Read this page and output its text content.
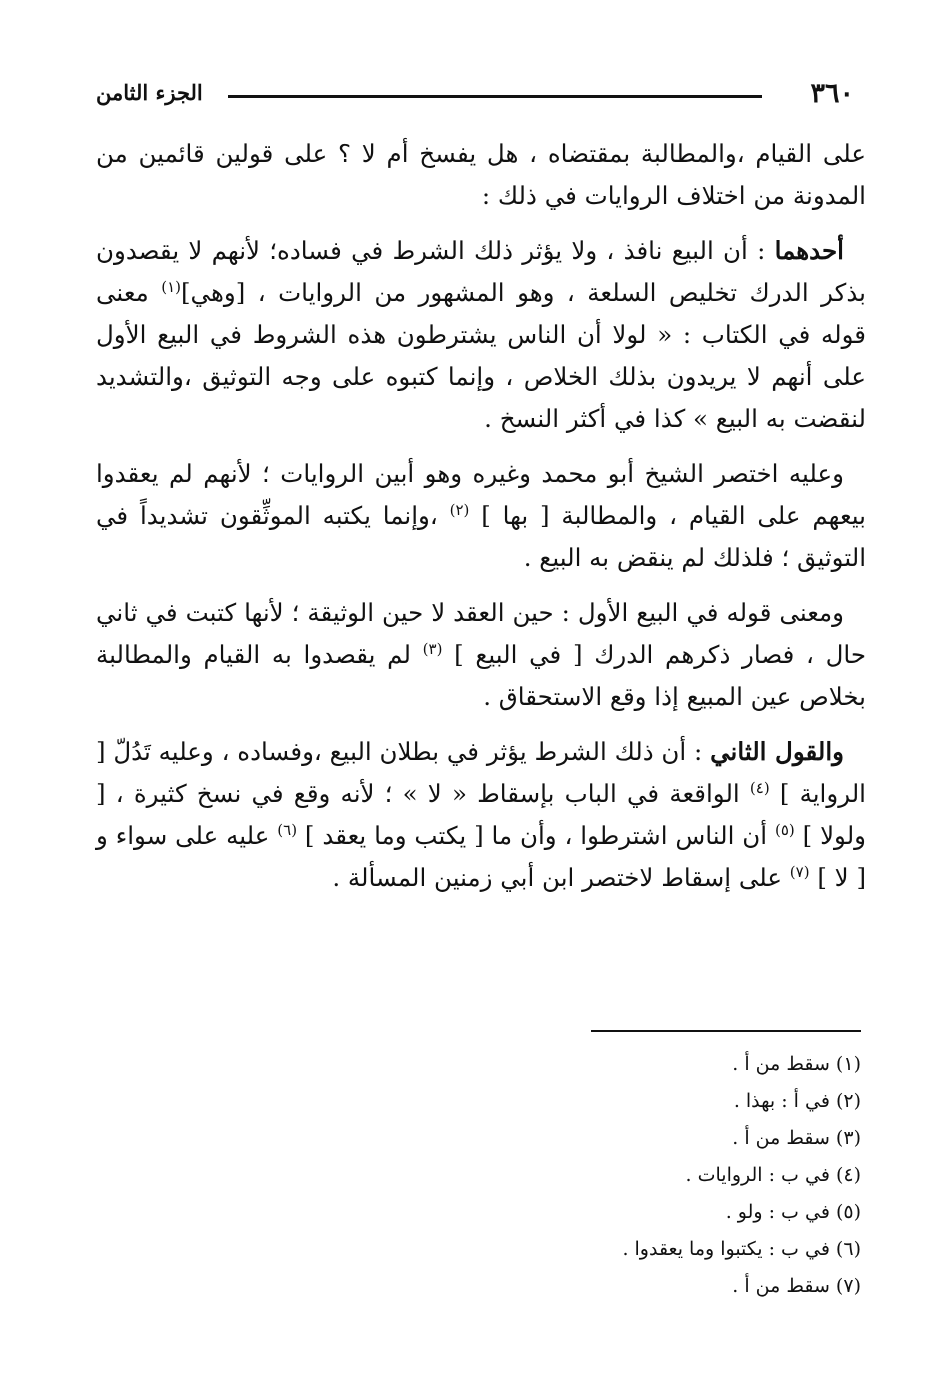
٣٦٠
الجزء الثامن

على القيام ،والمطالبة بمقتضاه ، هل يفسخ أم لا ؟ على قولين قائمين من المدونة من اختلاف الروايات في ذلك :

أحدهما : أن البيع نافذ ، ولا يؤثر ذلك الشرط في فساده؛ لأنهم لا يقصدون بذكر الدرك تخليص السلعة ، وهو المشهور من الروايات ، [وهي]$^{(١)}$ معنى قوله في الكتاب : « لولا أن الناس يشترطون هذه الشروط في البيع الأول على أنهم لا يريدون بذلك الخلاص ، وإنما كتبوه على وجه التوثيق ،والتشديد لنقضت به البيع » كذا في أكثر النسخ .

وعليه اختصر الشيخ أبو محمد وغيره وهو أبين الروايات ؛ لأنهم لم يعقدوا بيعهم على القيام ، والمطالبة [ بها ] $^{(٢)}$ ،وإنما يكتبه الموثِّقون تشديداً في التوثيق ؛ فلذلك لم ينقض به البيع .

ومعنى قوله في البيع الأول : حين العقد لا حين الوثيقة ؛ لأنها كتبت في ثاني حال ، فصار ذكرهم الدرك [ في البيع ] $^{(٣)}$ لم يقصدوا به القيام والمطالبة بخلاص عين المبيع إذا وقع الاستحقاق .

والقول الثاني : أن ذلك الشرط يؤثر في بطلان البيع ،وفساده ، وعليه تَدُلّ [ الرواية ] $^{(٤)}$ الواقعة في الباب بإسقاط « لا » ؛ لأنه وقع في نسخ كثيرة ، [ ولولا ] $^{(٥)}$ أن الناس اشترطوا ، وأن ما [ يكتب وما يعقد ] $^{(٦)}$ عليه على سواء و [ لا ] $^{(٧)}$ على إسقاط لاختصر ابن أبي زمنين المسألة .

(١) سقط من أ .
(٢) في أ : بهذا .
(٣) سقط من أ .
(٤) في ب : الروايات .
(٥) في ب : ولو .
(٦) في ب : يكتبوا وما يعقدوا .
(٧) سقط من أ .
